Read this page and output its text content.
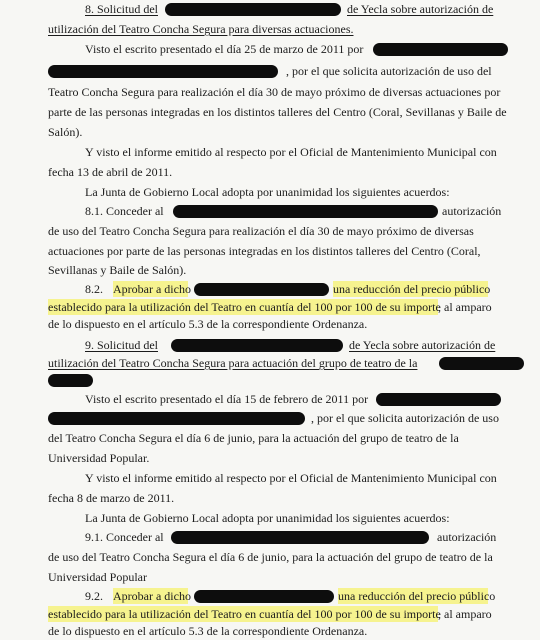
8. Solicitud del	de Yecla sobre autorización de
utilización del Teatro Concha Segura para diversas actuaciones.
Visto el escrito presentado el día 25 de marzo de 2011 por
, por el que solicita autorización de uso del
Teatro Concha Segura para realización el día 30 de mayo próximo de diversas actuaciones por
parte de las personas integradas en los distintos talleres del Centro (Coral, Sevillanas y Baile de
Salón).
Y visto el informe emitido al respecto por el Oficial de Mantenimiento Municipal con
fecha 13 de abril de 2011.
La Junta de Gobierno Local adopta por unanimidad los siguientes acuerdos:
8.1. Conceder al	autorización
de uso del Teatro Concha Segura para realización el día 30 de mayo próximo de diversas
actuaciones por parte de las personas integradas en los distintos talleres del Centro (Coral,
Sevillanas y Baile de Salón).
8.2. Aprobar a dicho	una reducción del precio público
establecido para la utilización del Teatro en cuantía del 100 por 100 de su importe, al amparo
de lo dispuesto en el artículo 5.3 de la correspondiente Ordenanza.
9. Solicitud del	de Yecla sobre autorización de
utilización del Teatro Concha Segura para actuación del grupo de teatro de la
Visto el escrito presentado el día 15 de febrero de 2011 por
, por el que solicita autorización de uso
del Teatro Concha Segura el día 6 de junio, para la actuación del grupo de teatro de la
Universidad Popular.
Y visto el informe emitido al respecto por el Oficial de Mantenimiento Municipal con
fecha 8 de marzo de 2011.
La Junta de Gobierno Local adopta por unanimidad los siguientes acuerdos:
9.1. Conceder al	autorización
de uso del Teatro Concha Segura el día 6 de junio, para la actuación del grupo de teatro de la
Universidad Popular
9.2. Aprobar a dicho	una reducción del precio público
establecido para la utilización del Teatro en cuantía del 100 por 100 de su importe, al amparo
de lo dispuesto en el artículo 5.3 de la correspondiente Ordenanza.
